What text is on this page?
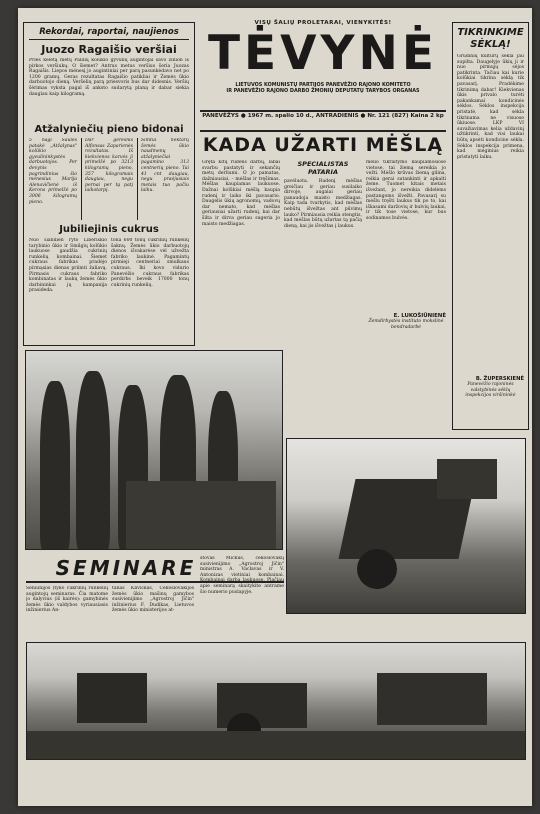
Rekordai, raportai, naujienos

Juozo Ragaišio veršiai

Prieš keletą metų Palilių kolūkio gyvulių augintojai savo žinion iš pirkos veršiukų. O šiemet? Antrus metus veršius šeria Juozas Ragaišis. Liepos mėnesį jo augintiniai per parą pasunkėdavo net po 1200 gramų. Geras rezultatas Ragaišio patikliai ir Žemės ūkio darbuotojo dieną. Veršelių parą priesvoris bus dar didesnis. Veršių šėrimas vyksta pagal iš anksto sudarytą planą ir dabar siekia daugiau kaip kilogramą.

Atžalyniečių pieno bidonai

5 nagi Šaulės patakė „Atžalynas" kolūkio gyvulininkystės darbuotojos. Per devynis pagrindinius šio mėnesius Marija Alenavičienė iš Kerons primelžė po 3006 kilogramų pieno.

Dar geresnis Alfonsas Zaparienės rezultatas. Iš kiekvienos karvės ji primelžė po 3213 kilogramų pieno, 357 kilogramais daugiau, negu pernai per tą patį laikotarpį.

Šimtui hektarų žemės ūkio naudmenų atžalyniečiai pagamino 313 centnerių pieno. Tai 41 cnt daugiau, negu praėjusiais metais tuo pačiu laiku.

Jubiliejinis cukrus

Nuo šiandien ryto Liberiškio tarybinio ūkio ir Smilgių kolūkio laukuose gaudžia cukrinių runkelių kombainai. Šiemet cukraus fabrikas pradėjo pirmąsias dienas priimti žaliavą. Pirmasis cukraus fabriko kombinatas ir laukų žemės ūkio darbininkai jų kampanija prasideda.

tona 600 tonų cukrinių runkelių šaknų. Žemės ūkio darbuotojų dienos išvakarėse vėl užvežta fabriko laukinė. Pagamintų pirmieji centneriai smulkaus cukraus. Iki kovo vidurio Panevėžio cukraus fabrikas perdirbs beveik 17000 tonų cukrinių runkelių.

VISŲ ŠALIŲ PROLETARAI, VIENYKITĖS!

TĖVYNĖ

LIETUVOS KOMUNISTŲ PARTIJOS PANEVĖŽIO RAJONO KOMITETO

IR PANEVĖŽIO RAJONO DARBO ŽMONIŲ DEPUTATŲ TARYBOS ORGANAS

PANEVĖŽYS ● 1967 m. spalio 10 d., ANTRADIENIS ● Nr. 121 (827) Kaina 2 kp

TIKRINKIME SĖKLĄ!

Grūdinių kultūrų sėkla jau supilta. Daugelyje ūkių ji ir nuo pirmųjų sėjos patikrinta. Tačiau kai kurie kolūkiai tikrina sėklą tik pavasarį. Pradėkime tikrinimą dabar! Kiekvienas ūkis privalo turėti pakankamai kondicinės sėklos. Sėklos inspekcija pristatė, kad sėkla tikrinama ne visuose ūkiuose. LKP VI suvažiavimas kelia uždavinį užtikrinti, kad visi laukai būtų apsėti kondicine sėkla. Sėklos inspekcija primena, kad mėginius reikia pristatyti laiku.

B. ŽUPERSKIENĖ

Panevėžio rajoninės valstybinės sėklų inspekcijos viršininkė

KADA UŽARTI MĖŠLĄ

Gręta kitų rudens darbų, labai svarbu pastatyti ir sekančių metų derliumi. O jo pamatas, dažniausiai, – mėšlas ir tręšimas. Mėšlas kaupiamas laukuose. Dažnai kolūkiai mėšlą kaupia rudenį ir laiko iki pavasario. Daugelis ūkių agronomų, vadovų dar nemato, kad mėšlas geriausiai užarti rudenį, kai dar šilta ir dirva geriau sugeria jo maisto medžiagas.

SPECIALISTAS PATARIA

pavėluota. Rudenį mėšlas greičiau ir geriau susilaiko dirvoje, augalai geriau panaudoja maisto medžiagas. Kaip tada tvarkytis, kad mėšlas nebūtų išvežtas ant pūvimų lauko? Pirmiausia reikia stengtis, kad mėšlas būtų užartas tą pačią dieną, kai jis išvežtas į laukus.

mėlio tikraitymo kaupiamosiose vietose, tai žiemą sereikia jo vežti. Mėšlo krūvas žiemą gilina, reikia gerai sutankinti ir apkalti žeme. Tuomet kitais metais išvežant, jo nereikia didelėms pastangoms išvežti. Pavasarį su mėšlu tręšti laukus tik po to, kai iškasami daržovių ir bulvių laukai, ir tik tose vietose, kur bus sodinamos bulvės.

E. LUKOŠIŪNIENĖ

Žemdirbystės instituto mokslinė bendradarbė

SEMINARE

Seniūnijos (tyko cukrinių runkelių augintojų seminaras. Čia matome jo dalyvius (iš kairės): gamybinės žemės ūkio valdybos vyriausiasis inžinierius An-

tanas Klivickas, Cekoslovakijos žemės ūkio mašinų gamybos susivienijimo „Agrostroj Jičin" inžinierius F. Dudikas, Lietuvos žemės ūkio ministerijos at-

stovas Mickus, čekoslovakų susivienijimo „Agrostroj Jičin" ministras A. Vaclavas ir V. Antonizas vietiniai kombainai. Kombainai darbą laukuose. Plačiau apie seminarą skaitykite antrame šio numerio puslapyje.
